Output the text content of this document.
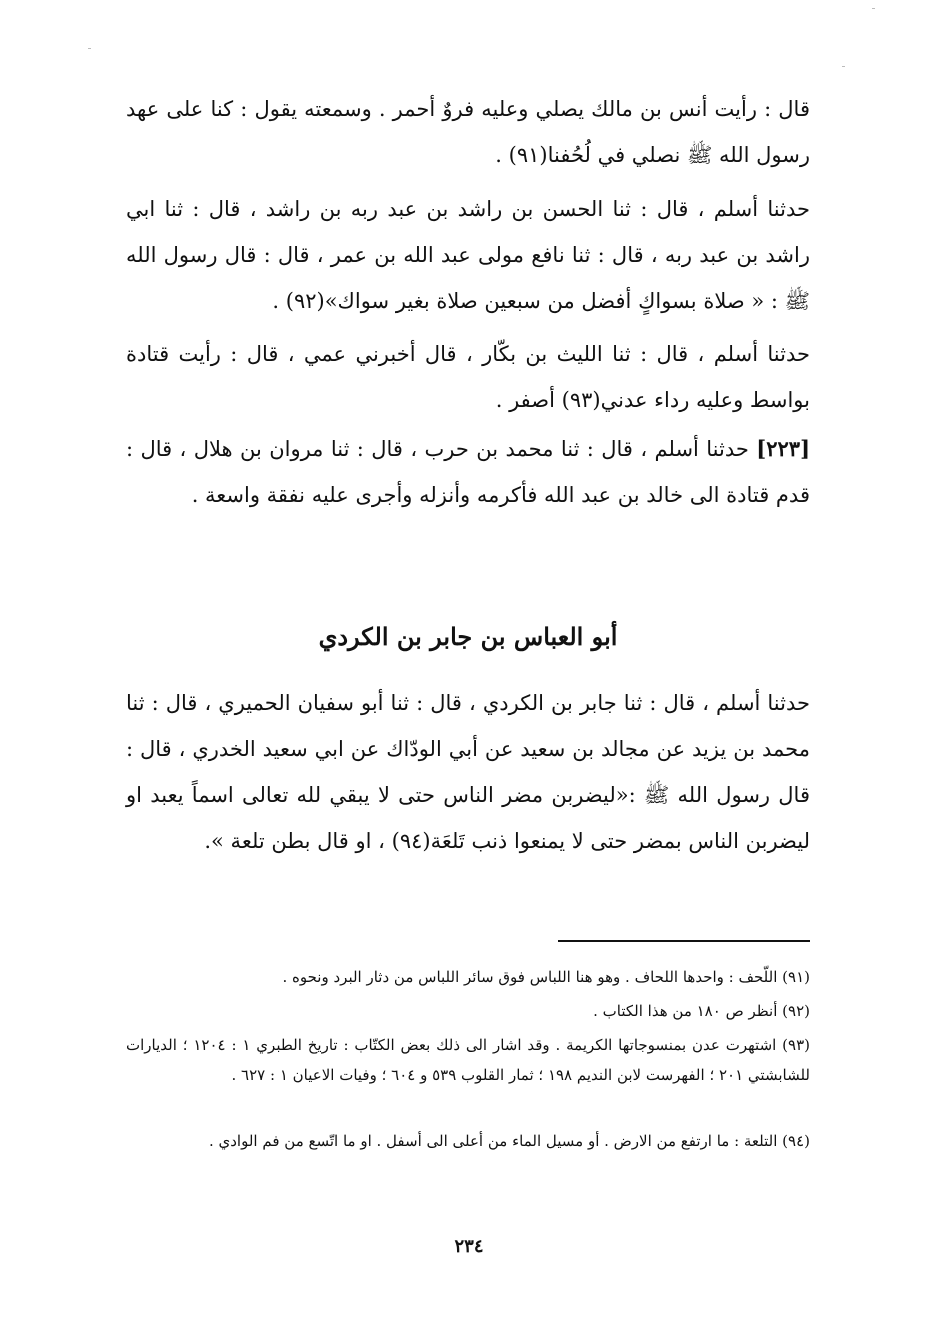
قال : رأيت أنس بن مالك يصلي وعليه فروٌ أحمر . وسمعته يقول : كنا على عهد رسول الله ﷺ نصلي في لُحُفنا(٩١) .

حدثنا أسلم ، قال : ثنا الحسن بن راشد بن عبد ربه بن راشد ، قال : ثنا ابي راشد بن عبد ربه ، قال : ثنا نافع مولى عبد الله بن عمر ، قال : قال رسول الله ﷺ : « صلاة بسواكٍ أفضل من سبعين صلاة بغير سواك»(٩٢) .

حدثنا أسلم ، قال : ثنا الليث بن بكّار ، قال أخبرني عمي ، قال : رأيت قتادة بواسط وعليه رداء عدني(٩٣) أصفر .

[٢٢٣] حدثنا أسلم ، قال : ثنا محمد بن حرب ، قال : ثنا مروان بن هلال ، قال : قدم قتادة الى خالد بن عبد الله فأكرمه وأنزله وأجرى عليه نفقة واسعة .

أبو العباس بن جابر بن الكردي

حدثنا أسلم ، قال : ثنا جابر بن الكردي ، قال : ثنا أبو سفيان الحميري ، قال : ثنا محمد بن يزيد عن مجالد بن سعيد عن أبي الودّاك عن ابي سعيد الخدري ، قال : قال رسول الله ﷺ :«ليضربن مضر الناس حتى لا يبقي لله تعالى اسماً يعبد او ليضربن الناس بمضر حتى لا يمنعوا ذنب تَلعَة(٩٤) ، او قال بطن تلعة ».

(٩١) اللّحف : واحدها اللحاف . وهو هنا اللباس فوق سائر اللباس من دثار البرد ونحوه .

(٩٢) أنظر ص ١٨٠ من هذا الكتاب .

(٩٣) اشتهرت عدن بمنسوجاتها الكريمة . وقد اشار الى ذلك بعض الكتّاب : تاريخ الطبري ١ : ١٢٠٤ ؛ الديارات للشابشتي ٢٠١ ؛ الفهرست لابن النديم ١٩٨ ؛ ثمار القلوب ٥٣٩ و ٦٠٤ ؛ وفيات الاعيان ١ : ٦٢٧ .

(٩٤) التلعة : ما ارتفع من الارض . أو مسيل الماء من أعلى الى أسفل . او ما اتّسع من فم الوادي .

٢٣٤
